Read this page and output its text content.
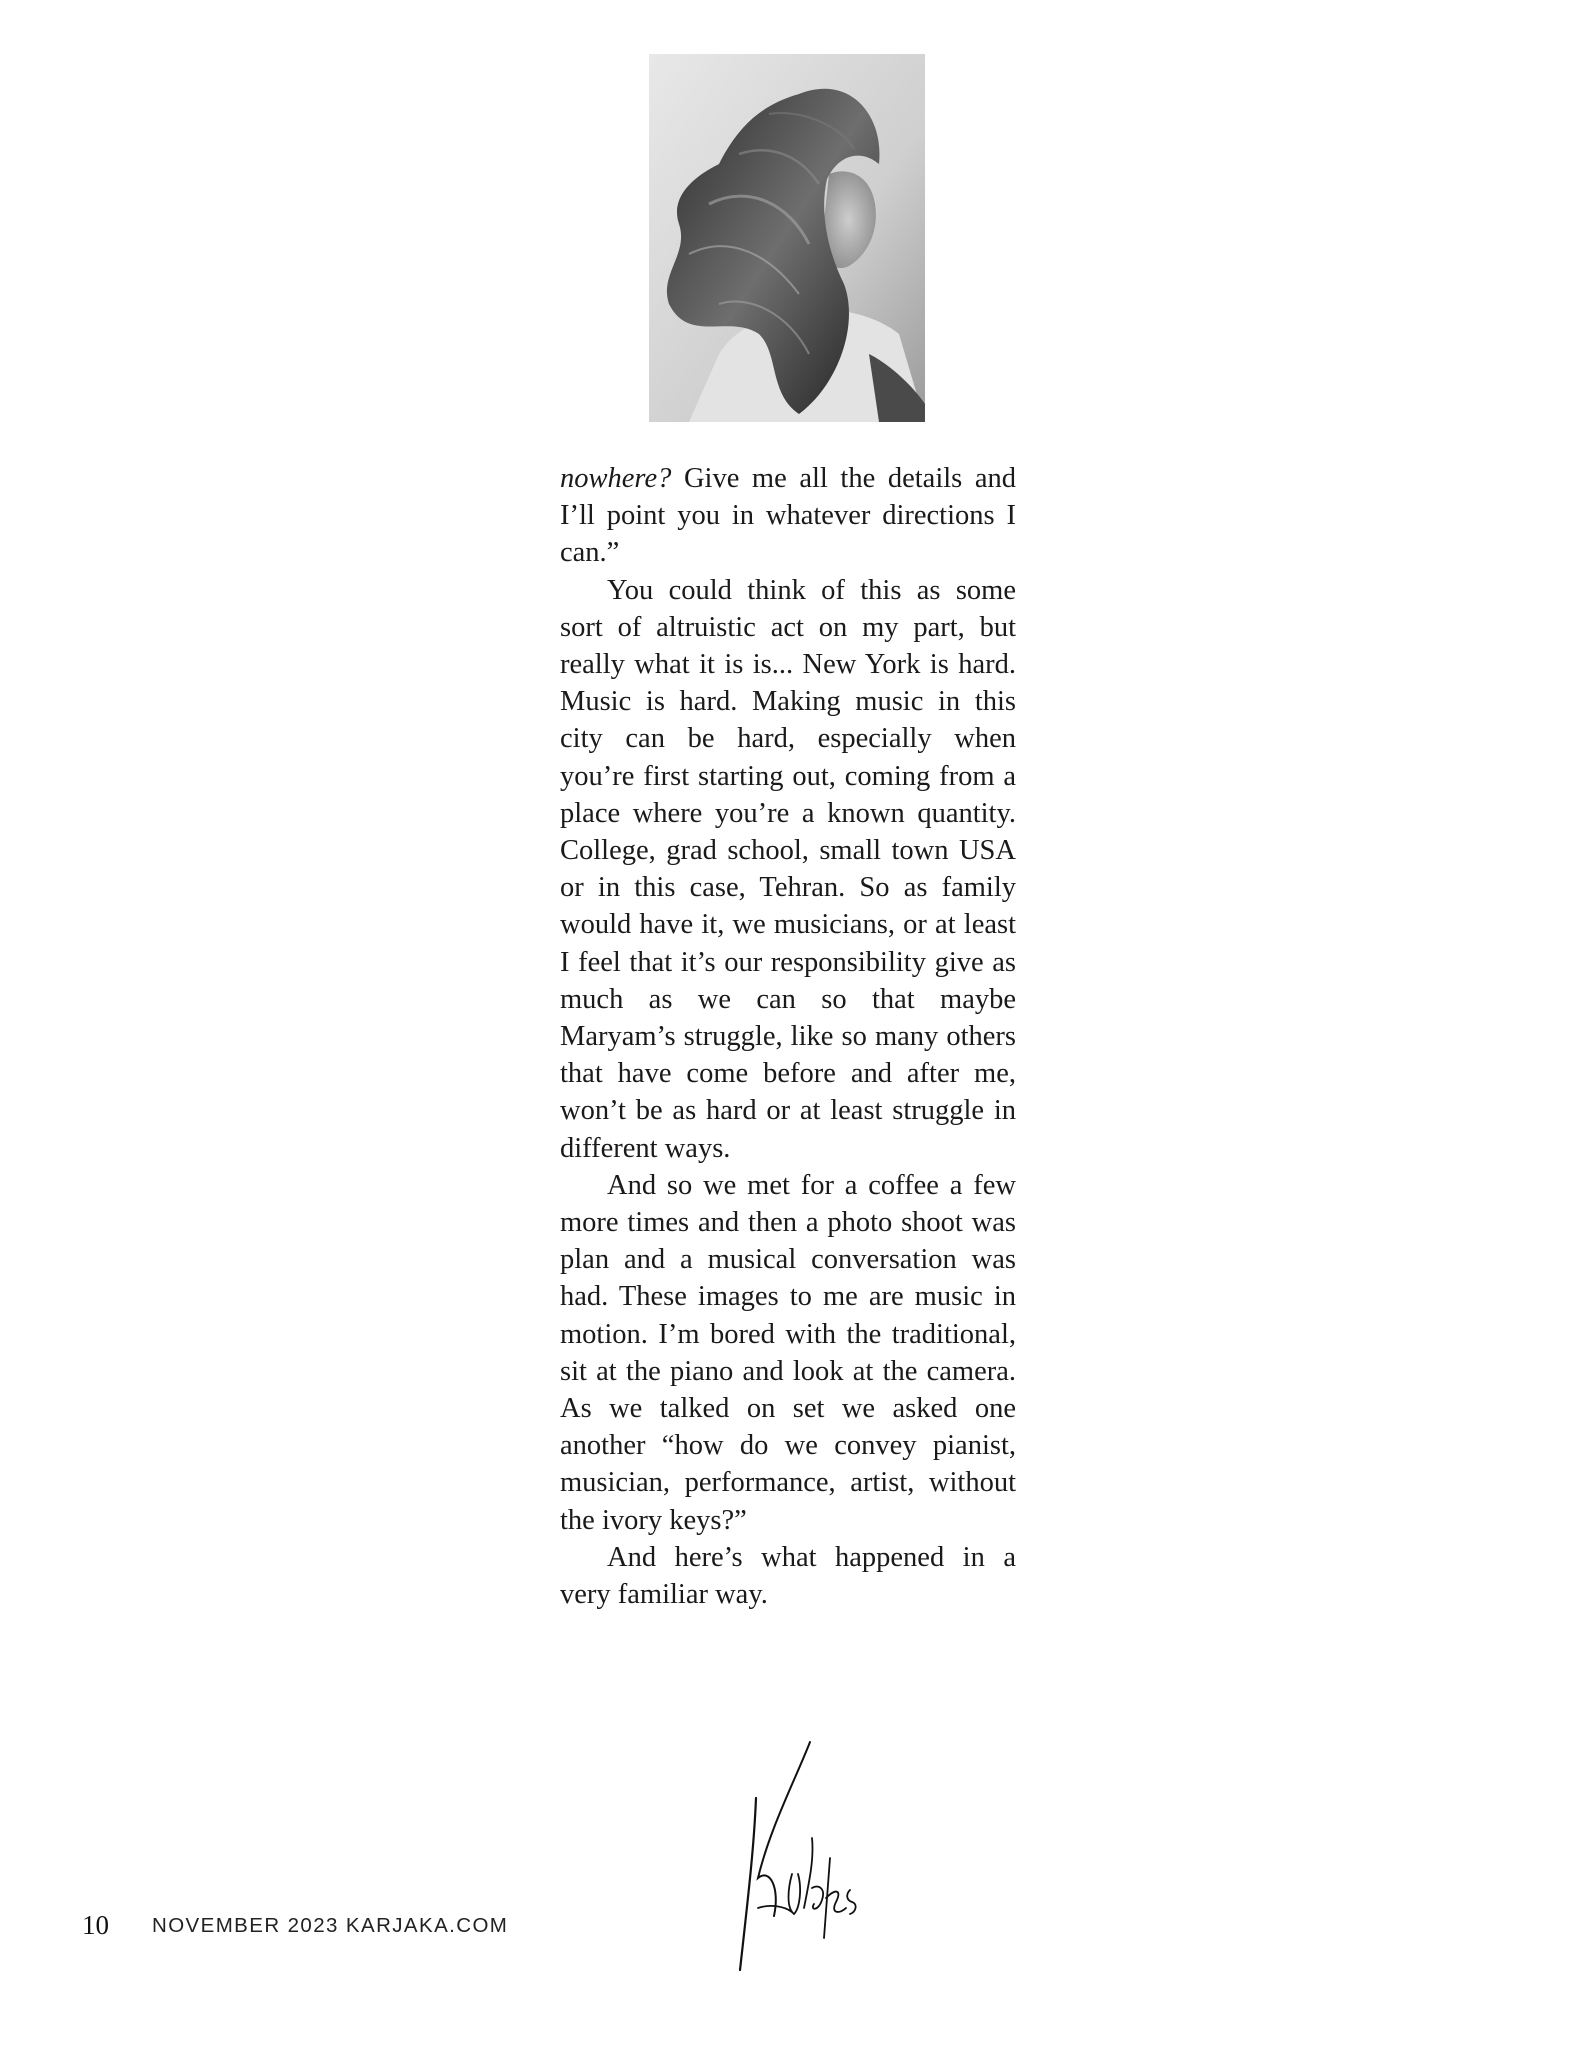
nowhere? Give me all the details and I’ll point you in whatever directions I can.”

You could think of this as some sort of altruistic act on my part, but really what it is is... New York is hard. Music is hard. Making music in this city can be hard, especially when you’re first starting out, coming from a place where you’re a known quantity. College, grad school, small town USA or in this case, Tehran. So as family would have it, we musicians, or at least I feel that it’s our responsibility give as much as we can so that maybe Maryam’s struggle, like so many others that have come before and after me, won’t be as hard or at least struggle in different ways.

And so we met for a coffee a few more times and then a photo shoot was plan and a musical conversation was had. These images to me are music in motion. I’m bored with the traditional, sit at the piano and look at the camera. As we talked on set we asked one another “how do we convey pianist, musician, performance, artist, without the ivory keys?”

And here’s what happened in a very familiar way.

10 NOVEMBER 2023 KARJAKA.COM
